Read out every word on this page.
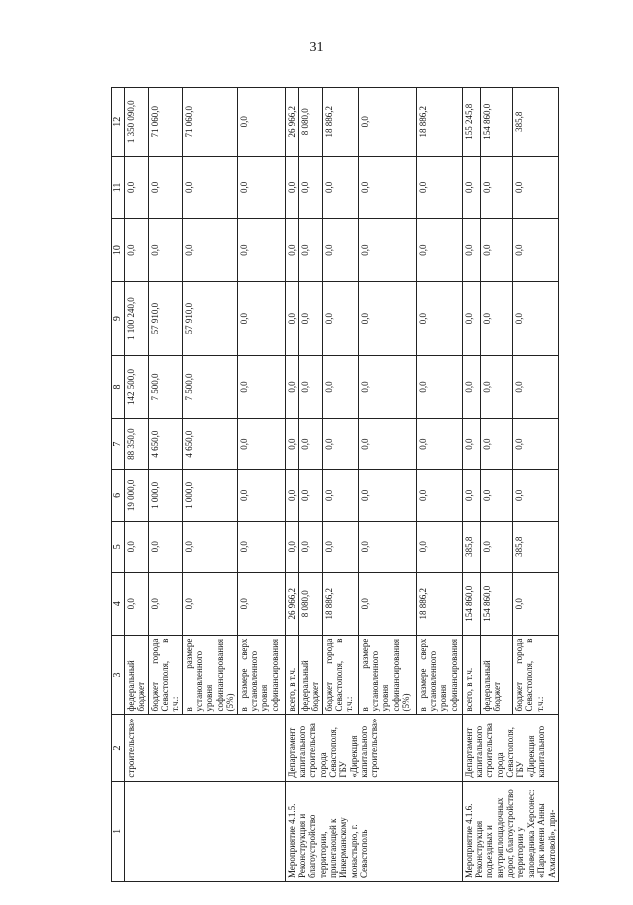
31
1	2	3	4	5	6	7	8	9	10	11	12
	строительства»	федеральный бюджет	0,0	0,0	19 000,0	88 350,0	142 500,0	1 100 240,0	0,0	0,0	1 350 090,0
		бюджет города Севастополя, в т.ч.:	0,0	0,0	1 000,0	4 650,0	7 500,0	57 910,0	0,0	0,0	71 060,0
		в размере установленного уровня софинансирования (5%)	0,0	0,0	1 000,0	4 650,0	7 500,0	57 910,0	0,0	0,0	71 060,0
		в размере сверх установленного уровня софинансирования	0,0	0,0	0,0	0,0	0,0	0,0	0,0	0,0	0,0
Мероприятие 4.1.5. Реконструкция и благоустройство территории, прилегающей к Инкерманскому монастырю, г. Севастополь	Департамент капитального строительства города Севастополя, ГБУ «Дирекция капитального строительства»	всего, в т.ч.	26 966,2	0,0	0,0	0,0	0,0	0,0	0,0	0,0	26 966,2
		федеральный бюджет	8 080,0	0,0	0,0	0,0	0,0	0,0	0,0	0,0	8 080,0
		бюджет города Севастополя, в т.ч.:	18 886,2	0,0	0,0	0,0	0,0	0,0	0,0	0,0	18 886,2
		в размере установленного уровня софинансирования (5%)	0,0	0,0	0,0	0,0	0,0	0,0	0,0	0,0	0,0
		в размере сверх установленного уровня софинансирования	18 886,2	0,0	0,0	0,0	0,0	0,0	0,0	0,0	18 886,2
Мероприятие 4.1.6. Реконструкция подъездных и внутриплощадочных дорог, благоустройство территории у заповедника Херсонес: «Парк имени Анны Ахматовой», при-	Департамент капитального строительства города Севастополя, ГБУ «Дирекция капитального	всего, в т.ч.	154 860,0	385,8	0,0	0,0	0,0	0,0	0,0	0,0	155 245,8
		федеральный бюджет	154 860,0	0,0	0,0	0,0	0,0	0,0	0,0	0,0	154 860,0
		бюджет города Севастополя, в т.ч.:	0,0	385,8	0,0	0,0	0,0	0,0	0,0	0,0	385,8
